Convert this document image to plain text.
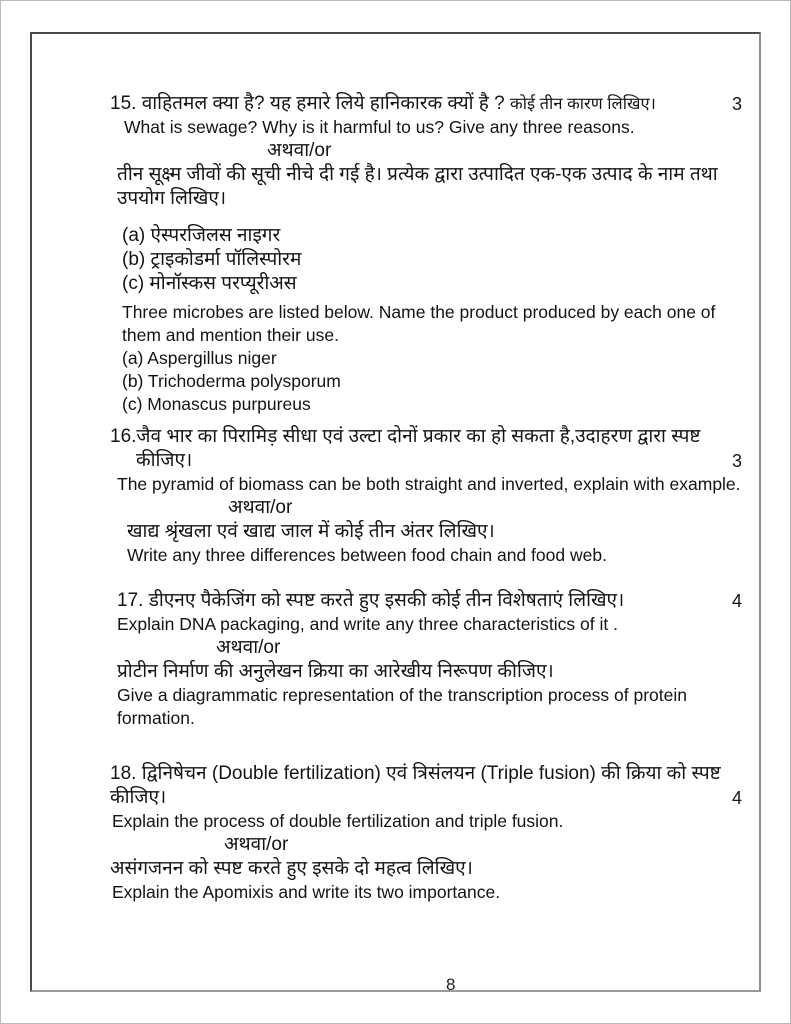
15. वाहितमल क्या है? यह हमारे लिये हानिकारक क्यों है ? कोई तीन कारण लिखिए।	3
What is sewage? Why is it harmful to us? Give any three reasons.
अथवा/or
तीन सूक्ष्म जीवों की सूची नीचे दी गई है। प्रत्येक द्वारा उत्पादित एक-एक उत्पाद के नाम तथा
उपयोग लिखिए।
(a) ऐस्परजिलस नाइगर
(b) ट्राइकोडर्मा पॉलिस्पोरम
(c) मोनॉस्कस परप्यूरीअस
Three microbes are listed below. Name the product produced by each one of
them and mention their use.
(a) Aspergillus niger
(b) Trichoderma polysporum
(c) Monascus purpureus
16.जैव भार का पिरामिड़ सीधा एवं उल्टा दोनों प्रकार का हो सकता है,उदाहरण द्वारा स्पष्ट
कीजिए।	3
The pyramid of biomass can be both straight and inverted, explain with example.
अथवा/or
खाद्य श्रृंखला एवं खाद्य जाल में कोई तीन अंतर लिखिए।
Write any three differences between food chain and food web.
17. डीएनए पैकेजिंग को स्पष्ट करते हुए इसकी कोई तीन विशेषताएं लिखिए।	4
Explain DNA packaging, and write any three characteristics of it .
अथवा/or
प्रोटीन निर्माण की अनुलेखन क्रिया का आरेखीय निरूपण कीजिए।
Give a diagrammatic representation of the transcription process of protein
formation.
18. द्विनिषेचन (Double fertilization) एवं त्रिसंलयन (Triple fusion) की क्रिया को स्पष्ट
कीजिए।	4
Explain the process of double fertilization and triple fusion.
अथवा/or
असंगजनन को स्पष्ट करते हुए इसके दो महत्व लिखिए।
Explain the Apomixis and write its two importance.
8
